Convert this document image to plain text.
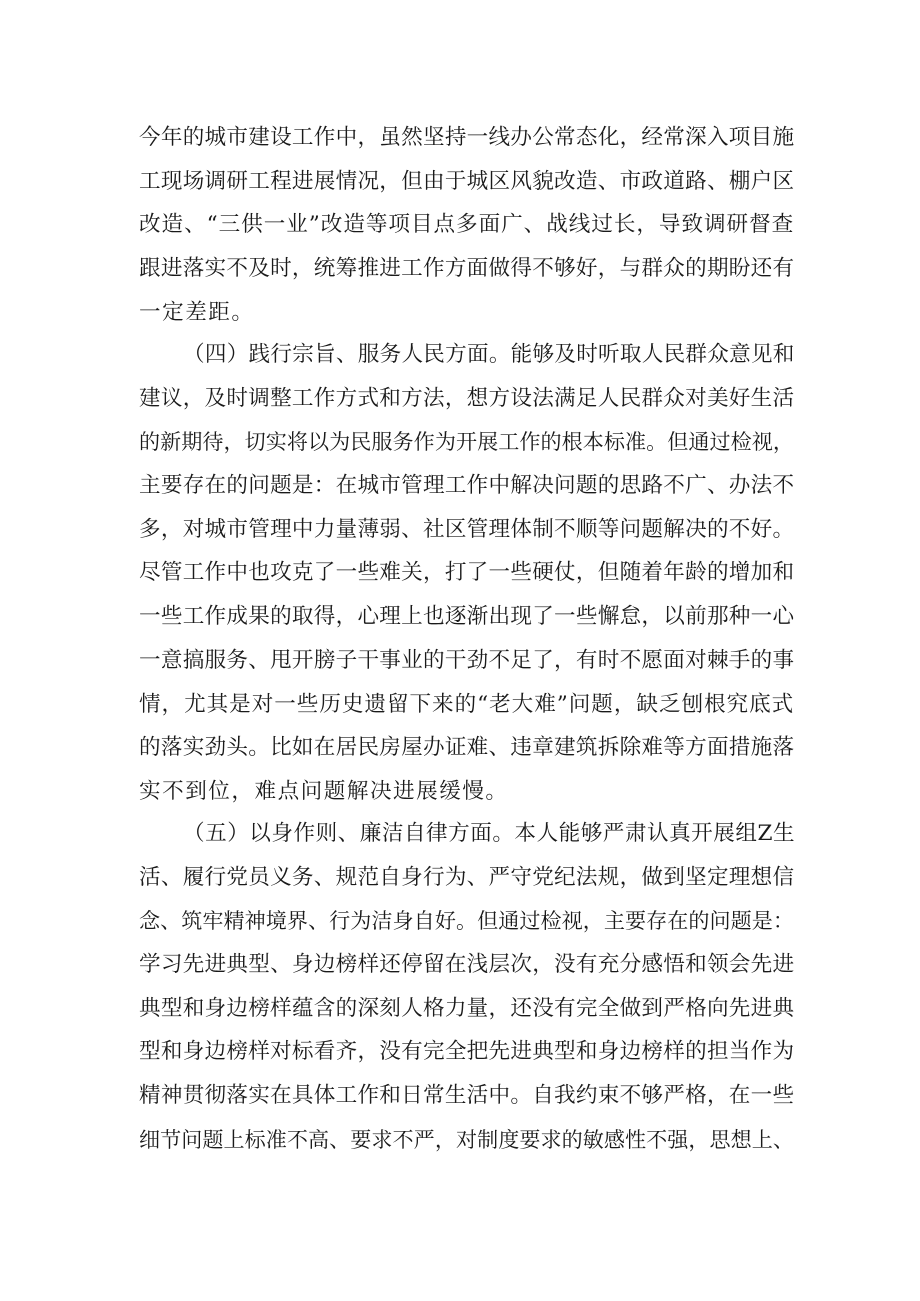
今年的城市建设工作中，虽然坚持一线办公常态化，经常深入项目施
工现场调研工程进展情况，但由于城区风貌改造、市政道路、棚户区
改造、“三供一业”改造等项目点多面广、战线过长，导致调研督查
跟进落实不及时，统筹推进工作方面做得不够好，与群众的期盼还有
一定差距。
（四）践行宗旨、服务人民方面。能够及时听取人民群众意见和
建议，及时调整工作方式和方法，想方设法满足人民群众对美好生活
的新期待，切实将以为民服务作为开展工作的根本标准。但通过检视，
主要存在的问题是：在城市管理工作中解决问题的思路不广、办法不
多，对城市管理中力量薄弱、社区管理体制不顺等问题解决的不好。
尽管工作中也攻克了一些难关，打了一些硬仗，但随着年龄的增加和
一些工作成果的取得，心理上也逐渐出现了一些懈怠，以前那种一心
一意搞服务、甩开膀子干事业的干劲不足了，有时不愿面对棘手的事
情，尤其是对一些历史遗留下来的“老大难”问题，缺乏刨根究底式
的落实劲头。比如在居民房屋办证难、违章建筑拆除难等方面措施落
实不到位，难点问题解决进展缓慢。
（五）以身作则、廉洁自律方面。本人能够严肃认真开展组Z生
活、履行党员义务、规范自身行为、严守党纪法规，做到坚定理想信
念、筑牢精神境界、行为洁身自好。但通过检视，主要存在的问题是：
学习先进典型、身边榜样还停留在浅层次，没有充分感悟和领会先进
典型和身边榜样蕴含的深刻人格力量，还没有完全做到严格向先进典
型和身边榜样对标看齐，没有完全把先进典型和身边榜样的担当作为
精神贯彻落实在具体工作和日常生活中。自我约束不够严格，在一些
细节问题上标准不高、要求不严，对制度要求的敏感性不强，思想上、
